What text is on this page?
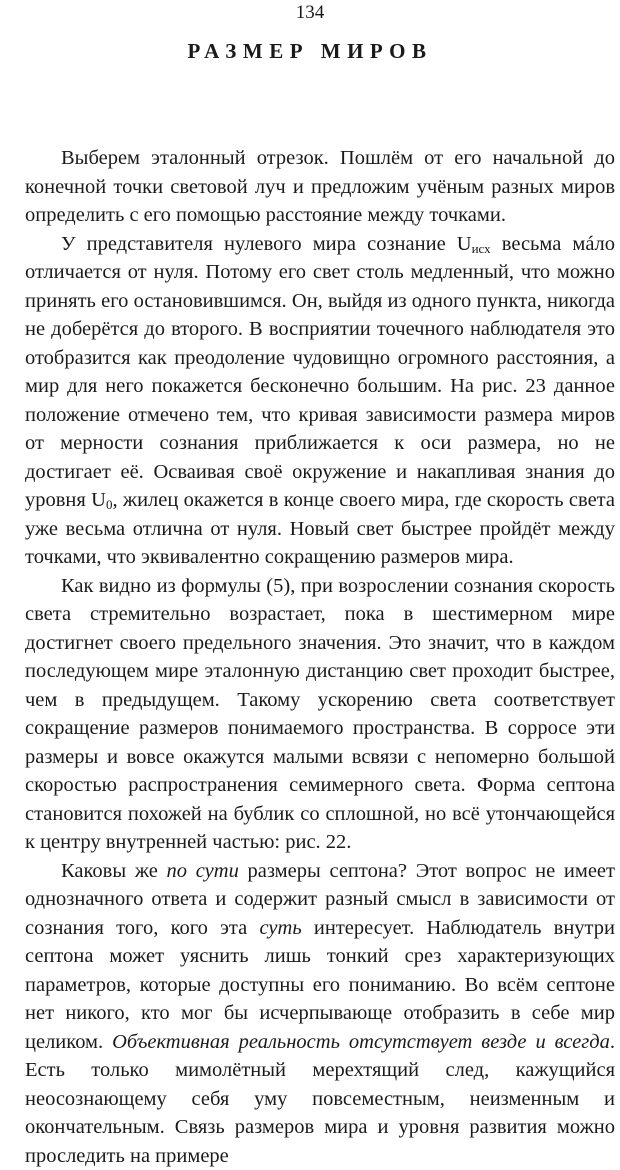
134
РАЗМЕР МИРОВ

Выберем эталонный отрезок. Пошлём от его начальной до конечной точки световой луч и предложим учёным разных миров определить с его помощью расстояние между точками.

У представителя нулевого мира сознание $U_{исх}$ весьма мáло отличается от нуля. Потому его свет столь медленный, что можно принять его остановившимся. Он, выйдя из одного пункта, никогда не доберётся до второго. В восприятии точечного наблюдателя это отобразится как преодоление чудовищно огромного расстояния, а мир для него покажется бесконечно большим. На рис. 23 данное положение отмечено тем, что кривая зависимости размера миров от мерности сознания приближается к оси размера, но не достигает её. Осваивая своё окружение и накапливая знания до уровня $U_0$, жилец окажется в конце своего мира, где скорость света уже весьма отлична от нуля. Новый свет быстрее пройдёт между точками, что эквивалентно сокращению размеров мира.

Как видно из формулы (5), при возрослении сознания скорость света стремительно возрастает, пока в шестимерном мире достигнет своего предельного значения. Это значит, что в каждом последующем мире эталонную дистанцию свет проходит быстрее, чем в предыдущем. Такому ускорению света соответствует сокращение размеров понимаемого пространства. В сорросе эти размеры и вовсе окажутся малыми всвязи с непомерно большой скоростью распространения семимерного света. Форма септона становится похожей на бублик со сплошной, но всё утончающейся к центру внутренней частью: рис. 22.

Каковы же по сути размеры септона? Этот вопрос не имеет однозначного ответа и содержит разный смысл в зависимости от сознания того, кого эта суть интересует. Наблюдатель внутри септона может уяснить лишь тонкий срез характеризующих параметров, которые доступны его пониманию. Во всём септоне нет никого, кто мог бы исчерпывающе отобразить в себе мир целиком. Объективная реальность отсутствует везде и всегда. Есть только мимолётный мерехтящий след, кажущийся неосознающему себя уму повсеместным, неизменным и окончательным. Связь размеров мира и уровня развития можно проследить на примере
